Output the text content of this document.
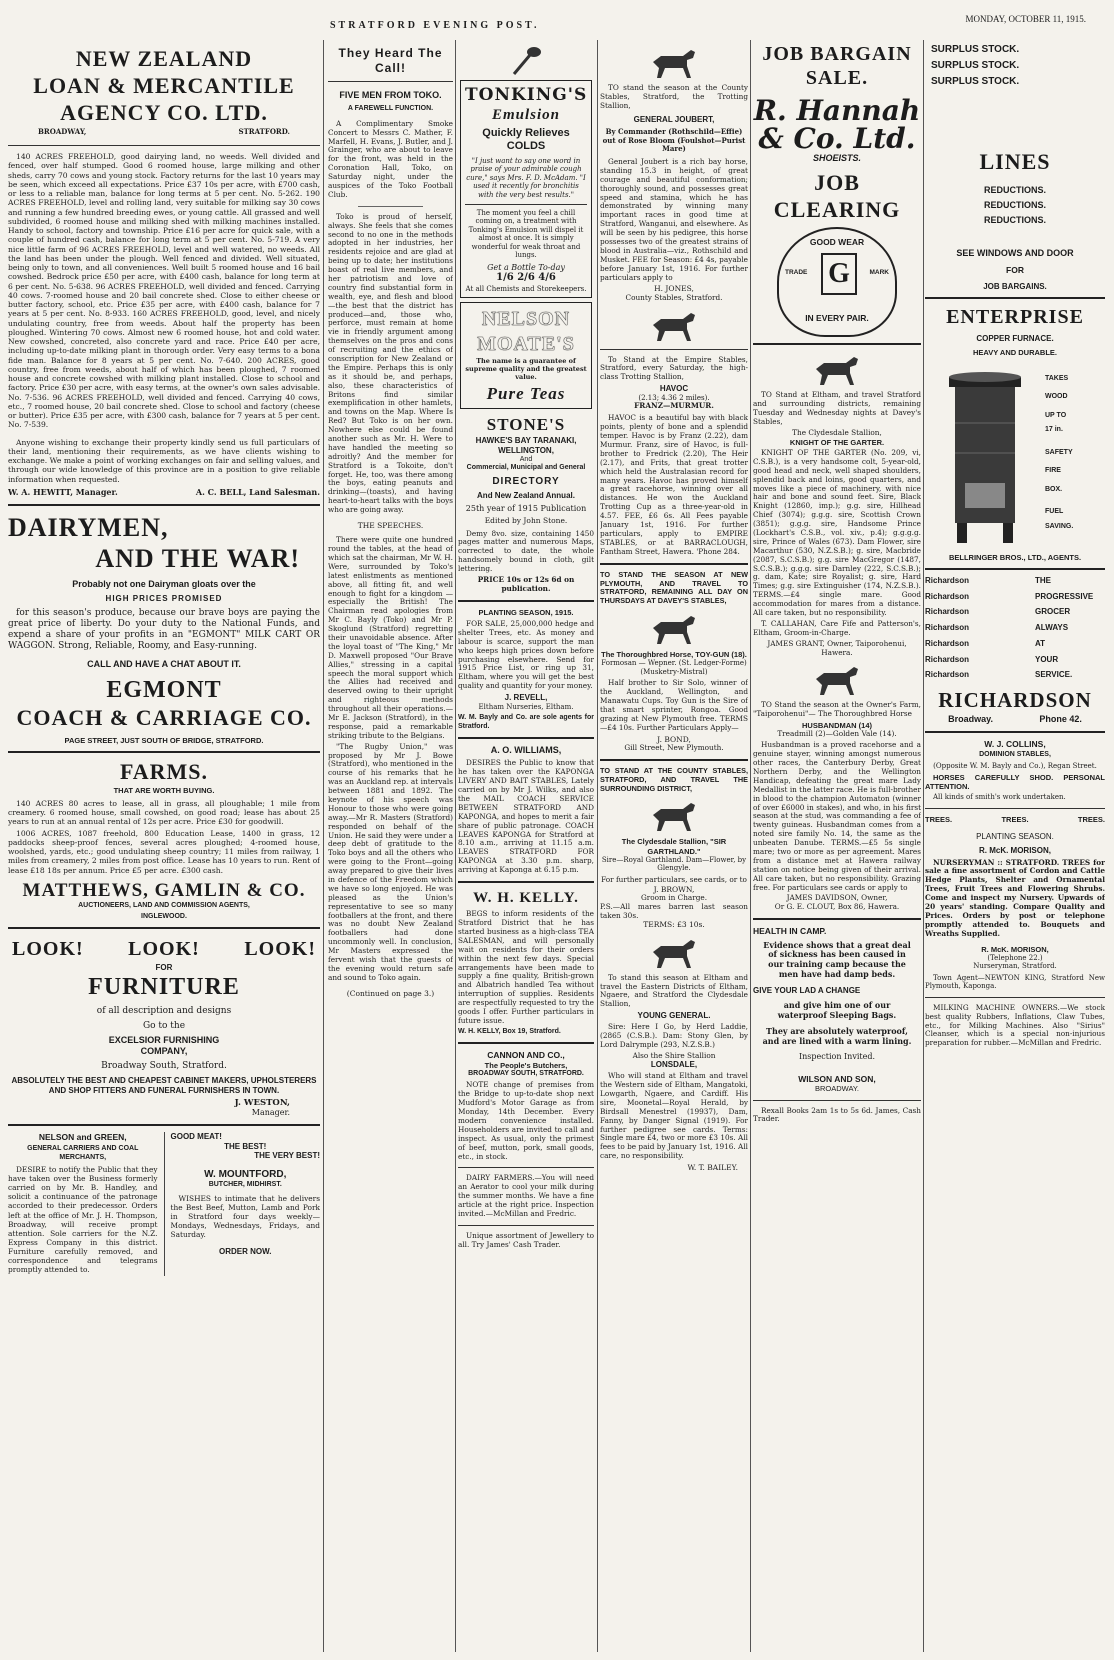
STRATFORD EVENING POST.
MONDAY, OCTOBER 11, 1915.
NEW ZEALAND
LOAN & MERCANTILE
AGENCY CO. LTD.
BROADWAY,	STRATFORD.
140 ACRES FREEHOLD, good dairying land, no weeds. Well divided and fenced, over half stumped. Good 6 roomed house, large milking and other sheds, carry 70 cows and young stock. Factory returns for the last 10 years may be seen, which exceed all expectations. Price £37 10s per acre, with £700 cash, or less to a reliable man, balance for long terms at 5 per cent. No. 5-262. 190 ACRES FREEHOLD, level and rolling land, very suitable for milking say 30 cows and running a few hundred breeding ewes, or young cattle. All grassed and well subdivided, 6 roomed house and milking shed with milking machines installed. Handy to school, factory and township. Price £16 per acre for quick sale, with a couple of hundred cash, balance for long term at 5 per cent. No. 5-719. A very nice little farm of 96 ACRES FREEHOLD, level and well watered, no weeds. All the land has been under the plough. Well fenced and divided. Well situated, being only to town, and all conveniences. Well built 5 roomed house and 16 bail cowshed. Bedrock price £50 per acre, with £400 cash, balance for long term at 6 per cent. No. 5-638. 96 ACRES FREEHOLD, well divided and fenced. Carrying 40 cows. 7-roomed house and 20 bail concrete shed. Close to either cheese or butter factory, school, etc. Price £35 per acre, with £400 cash, balance for 7 years at 5 per cent. No. 8-933. 160 ACRES FREEHOLD, good, level, and nicely undulating country, free from weeds. About half the property has been ploughed. Wintering 70 cows. Almost new 6 roomed house, hot and cold water. New cowshed, concreted, also concrete yard and race. Price £40 per acre, including up-to-date milking plant in thorough order. Very easy terms to a bona fide man. Balance for 8 years at 5 per cent. No. 7-640. 200 ACRES, good country, free from weeds, about half of which has been ploughed, 7 roomed house and concrete cowshed with milking plant installed. Close to school and factory. Price £30 per acre, with easy terms, at the owner's own sales advisable. No. 7-536. 96 ACRES FREEHOLD, well divided and fenced. Carrying 40 cows, etc., 7 roomed house, 20 bail concrete shed. Close to school and factory (cheese or butter). Price £35 per acre, with £300 cash, balance for 7 years at 5 per cent. No. 7-539.
Anyone wishing to exchange their property kindly send us full particulars of their land, mentioning their requirements, as we have clients wishing to exchange. We make a point of working exchanges on fair and selling values, and through our wide knowledge of this province are in a position to give reliable information when requested.
W. A. HEWITT, Manager.	A. C. BELL, Land Salesman.
DAIRYMEN,
AND THE WAR!
Probably not one Dairyman gloats over the
HIGH PRICES PROMISED
for this season's produce, because our brave boys are paying the great price of liberty. Do your duty to the National Funds, and expend a share of your profits in an "EGMONT" MILK CART OR WAGGON. Strong, Reliable, Roomy, and Easy-running.
CALL AND HAVE A CHAT ABOUT IT.
EGMONT
COACH & CARRIAGE CO.
PAGE STREET, JUST SOUTH OF BRIDGE, STRATFORD.
FARMS.
THAT ARE WORTH BUYING.
140 ACRES 80 acres to lease, all in grass, all ploughable; 1 mile from creamery. 6 roomed house, small cowshed, on good road; lease has about 25 years to run at an annual rental of 12s per acre. Price £30 for goodwill.
1006 ACRES, 1087 freehold, 800 Education Lease, 1400 in grass, 12 paddocks sheep-proof fences, several acres ploughed; 4-roomed house, woolshed, yards, etc.; good undulating sheep country; 11 miles from railway, 1 miles from creamery, 2 miles from post office. Lease has 10 years to run. Rent of lease £18 18s per annum. Price £5 per acre. £300 cash.
MATTHEWS, GAMLIN & CO.
AUCTIONEERS, LAND AND COMMISSION AGENTS,
INGLEWOOD.
LOOK! LOOK! LOOK!
FOR
FURNITURE
of all description and designs
Go to the
EXCELSIOR FURNISHING
COMPANY,
Broadway South, Stratford.
ABSOLUTELY THE BEST AND CHEAPEST CABINET MAKERS, UPHOLSTERERS AND SHOP FITTERS AND FUNERAL FURNISHERS IN TOWN.
J. WESTON,
Manager.
NELSON and GREEN,
GENERAL CARRIERS AND COAL MERCHANTS,
DESIRE to notify the Public that they have taken over the Business formerly carried on by Mr. B. Handley, and solicit a continuance of the patronage accorded to their predecessor. Orders left at the office of Mr. J. H. Thompson, Broadway, will receive prompt attention. Sole carriers for the N.Z. Express Company in this district. Furniture carefully removed, and correspondence and telegrams promptly attended to.
GOOD MEAT!
THE BEST!
THE VERY BEST!
W. MOUNTFORD,
BUTCHER, MIDHIRST.
WISHES to intimate that he delivers the Best Beef, Mutton, Lamb and Pork in Stratford four days weekly—Mondays, Wednesdays, Fridays, and Saturday.
ORDER NOW.
They Heard The Call!
FIVE MEN FROM TOKO.
A FAREWELL FUNCTION.
A Complimentary Smoke Concert to Messrs C. Mather, F. Marfell, H. Evans, J. Butler, and J. Grainger, who are about to leave for the front, was held in the Coronation Hall, Toko, on Saturday night, under the auspices of the Toko Football Club.
Toko is proud of herself, always. She feels that she comes second to no one in the methods adopted in her industries, her residents rejoice and are glad at being up to date; her institutions boast of real live members, and her patriotism and love of country find substantial form in wealth, eye, and flesh and blood—the best that the district has produced—and, those who, perforce, must remain at home vie in friendly argument among themselves on the pros and cons of recruiting and the ethics of conscription for New Zealand or the Empire. Perhaps this is only as it should be, and perhaps, also, these characteristics of Britons find similar exemplification in other hamlets, and towns on the Map. Where Is Red? But Toko is on her own. Nowhere else could be found another such as Mr. H. Were to have handled the meeting so adroitly? And the member for Stratford is a Tokoite, don't forget. He, too, was there among the boys, eating peanuts and drinking—(toasts), and having heart-to-heart talks with the boys who are going away.
THE SPEECHES.
There were quite one hundred round the tables, at the head of which sat the chairman, Mr W. H. Were, surrounded by Toko's latest enlistments as mentioned above, all fitting fit, and well enough to fight for a kingdom —especially the British! The Chairman read apologies from Mr C. Bayly (Toko) and Mr P. Skoglund (Stratford) regretting their unavoidable absence. After the loyal toast of "The King," Mr D. Maxwell proposed "Our Brave Allies," stressing in a capital speech the moral support which the Allies had received and deserved owing to their upright and righteous methods throughout all their operations.—Mr E. Jackson (Stratford), in the response, paid a remarkable striking tribute to the Belgians.
"The Rugby Union," was proposed by Mr J. Bowe (Stratford), who mentioned in the course of his remarks that he was an Auckland rep. at intervals between 1881 and 1892. The keynote of his speech was Honour to those who were going away.—Mr R. Masters (Stratford) responded on behalf of the Union. He said they were under a deep debt of gratitude to the Toko boys and all the others who were going to the Front—going away prepared to give their lives in defence of the Freedom which we have so long enjoyed. He was pleased as the Union's representative to see so many footballers at the front, and there was no doubt New Zealand footballers had done uncommonly well. In conclusion, Mr Masters expressed the fervent wish that the guests of the evening would return safe and sound to Toko again.
(Continued on page 3.)
TONKING'S
Emulsion
Quickly Relieves COLDS
"I just want to say one word in praise of your admirable cough cure," says Mrs. F. D. McAdam. "I used it recently for bronchitis with the very best results."
The moment you feel a chill coming on, a treatment with Tonking's Emulsion will dispel it almost at once. It is simply wonderful for weak throat and lungs.
Get a Bottle To-day
1/6 2/6 4/6
At all Chemists and Storekeepers.
NELSON MOATE'S
The name is a guarantee of supreme quality and the greatest value.
Pure Teas
STONE'S
HAWKE'S BAY TARANAKI, WELLINGTON,
And
Commercial, Municipal and General
DIRECTORY
And New Zealand Annual.
25th year of 1915 Publication
Edited by John Stone.
Demy 8vo. size, containing 1450 pages matter and numerous Maps, corrected to date, the whole handsomely bound in cloth, gilt lettering.
PRICE 10s or 12s 6d on publication.
PLANTING SEASON, 1915.
FOR SALE, 25,000,000 hedge and shelter Trees, etc. As money and labour is scarce, support the man who keeps high prices down before purchasing elsewhere. Send for 1915 Price List, or ring up 31, Eltham, where you will get the best quality and quantity for your money.
J. REVELL,
Eltham Nurseries, Eltham.
W. M. Bayly and Co. are sole agents for Stratford.
A. O. WILLIAMS,
DESIRES the Public to know that he has taken over the KAPONGA LIVERY AND BAIT STABLES, Lately carried on by Mr J. Wilks, and also the MAIL COACH SERVICE BETWEEN STRATFORD AND KAPONGA, and hopes to merit a fair share of public patronage. COACH LEAVES KAPONGA for Stratford at 8.10 a.m., arriving at 11.15 a.m. LEAVES STRATFORD FOR KAPONGA at 3.30 p.m. sharp, arriving at Kaponga at 6.15 p.m.
W. H. KELLY.
BEGS to inform residents of the Stratford District that he has started business as a high-class TEA SALESMAN, and will personally wait on residents for their orders within the next few days. Special arrangements have been made to supply a fine quality, British-grown and Albatrich handled Tea without interruption of supplies. Residents are respectfully requested to try the goods I offer. Further particulars in future issue.
W. H. KELLY, Box 19, Stratford.
CANNON AND CO.,
The People's Butchers,
BROADWAY SOUTH, STRATFORD.
NOTE change of premises from the Bridge to up-to-date shop next Mudford's Motor Garage as from Monday, 14th December. Every modern convenience installed. Householders are invited to call and inspect. As usual, only the primest of beef, mutton, pork, small goods, etc., in stock.
DAIRY FARMERS.—You will need an Aerator to cool your milk during the summer months. We have a fine article at the right price. Inspection invited.—McMillan and Fredric.
Unique assortment of Jewellery to all. Try James' Cash Trader.
TO stand the season at the County Stables, Stratford, the Trotting Stallion,
GENERAL JOUBERT,
By Commander (Rothschild—Effie) out of Rose Bloom (Foulshot—Purist Mare)
General Joubert is a rich bay horse, standing 15.3 in height, of great courage and beautiful conformation; thoroughly sound, and possesses great speed and stamina, which he has demonstrated by winning many important races in good time at Stratford, Wanganui, and elsewhere. As will be seen by his pedigree, this horse possesses two of the greatest strains of blood in Australia—viz., Rothschild and Musket. FEE for Season: £4 4s, payable before January 1st, 1916. For further particulars apply to
H. JONES,
County Stables, Stratford.
To Stand at the Empire Stables, Stratford, every Saturday, the high-class Trotting Stallion,
HAVOC
(2.13; 4.36 2 miles).
FRANZ—MURMUR.
HAVOC is a beautiful bay with black points, plenty of bone and a splendid temper. Havoc is by Franz (2.22), dam Murmur. Franz, sire of Havoc, is full-brother to Fredrick (2.20), The Heir (2.17), and Frits, that great trotter which held the Australasian record for many years. Havoc has proved himself a great racehorse, winning over all distances. He won the Auckland Trotting Cup as a three-year-old in 4.57. FEE, £6 6s. All Fees payable January 1st, 1916. For further particulars, apply to EMPIRE STABLES, or at BARRACLOUGH, Fantham Street, Hawera. 'Phone 284.
TO STAND THE SEASON AT NEW PLYMOUTH, AND TRAVEL TO STRATFORD, REMAINING ALL DAY ON THURSDAYS AT DAVEY'S STABLES,
The Thoroughbred Horse, TOY-GUN (18).
Formosan — Wepner. (St. Ledger-Forme) (Musketry-Mistral)
Half brother to Sir Solo, winner of the Auckland, Wellington, and Manawatu Cups. Toy Gun is the Sire of that smart sprinter, Rongoa. Good grazing at New Plymouth free. TERMS—£4 10s. Further Particulars Apply—
J. BOND,
Gill Street, New Plymouth.
TO STAND AT THE COUNTY STABLES, STRATFORD, AND TRAVEL THE SURROUNDING DISTRICT,
The Clydesdale Stallion, "SIR GARTHLAND."
Sire—Royal Garthland. Dam—Flower, by Glengyle.
For further particulars, see cards, or to
J. BROWN,
Groom in Charge.
P.S.—All mares barren last season taken 30s.
TERMS: £3 10s.
To stand this season at Eltham and travel the Eastern Districts of Eltham, Ngaere, and Stratford the Clydesdale Stallion,
YOUNG GENERAL.
Sire: Here I Go, by Herd Laddie, (2865 (C.S.B.). Dam: Stony Glen, by Lord Dalrymple (293, N.Z.S.B.)
Also the Shire Stallion
LONSDALE,
Who will stand at Eltham and travel the Western side of Eltham, Mangatoki, Lowgarth, Ngaere, and Cardiff. His sire, Moonetal—Royal Herald, by Birdsall Menestrel (19937), Dam, Fanny, by Danger Signal (1919). For further pedigree see cards. Terms: Single mare £4, two or more £3 10s. All fees to be paid by January 1st, 1916. All care, no responsibility.
W. T. BAILEY.
JOB BARGAIN
SALE.
R. Hannah & Co. Ltd.
SHOEISTS.
JOB
CLEARING
GOOD WEAR
G
TRADE	MARK
IN EVERY PAIR.
TO Stand at Eltham, and travel Stratford and surrounding districts, remaining Tuesday and Wednesday nights at Davey's Stables,
The Clydesdale Stallion,
KNIGHT OF THE GARTER.
KNIGHT OF THE GARTER (No. 209, vi, C.S.B.), is a very handsome colt, 5-year-old, good head and neck, well shaped shoulders, splendid back and loins, good quarters, and moves like a piece of machinery, with nice hair and bone and sound feet. Sire, Black Knight (12860, imp.); g.g. sire, Hillhead Chief (3074); g.g.g. sire, Scottish Crown (3851); g.g.g. sire, Handsome Prince (Lockhart's C.S.B., vol. xiv., p.4); g.g.g.g. sire, Prince of Wales (673). Dam Flower, sire Macarthur (530, N.Z.S.B.); g. sire, Macbride (2087, S.C.S.B.); g.g. sire MacGregor (1487, S.C.S.B.); g.g.g. sire Darnley (222, S.C.S.B.); g. dam, Kate; sire Royalist; g. sire, Hard Times; g.g. sire Extinguisher (174, N.Z.S.B.). TERMS.—£4 single mare. Good accommodation for mares from a distance. All care taken, but no responsibility.
T. CALLAHAN, Care Fife and Patterson's, Eltham, Groom-in-Charge.
JAMES GRANT, Owner, Taiporohenui, Hawera.
TO Stand the season at the Owner's Farm, "Taiporohenui"— The Thoroughbred Horse
HUSBANDMAN (14)
Treadmill (2)—Golden Vale (14).
Husbandman is a proved racehorse and a genuine stayer, winning amongst numerous other races, the Canterbury Derby, Great Northern Derby, and the Wellington Handicap, defeating the great mare Lady Medallist in the latter race. He is full-brother in blood to the champion Automaton (winner of over £6000 in stakes), and who, in his first season at the stud, was commanding a fee of twenty guineas. Husbandman comes from a noted sire family No. 14, the same as the unbeaten Danube. TERMS.—£5 5s single mare; two or more as per agreement. Mares from a distance met at Hawera railway station on notice being given of their arrival. All care taken, but no responsibility. Grazing free. For particulars see cards or apply to
JAMES DAVIDSON, Owner,
Or G. E. CLOUT, Box 86, Hawera.
HEALTH IN CAMP.
Evidence shows that a great deal of sickness has been caused in our training camp because the men have had damp beds.
GIVE YOUR LAD A CHANGE
and give him one of our waterproof Sleeping Bags.
They are absolutely waterproof, and are lined with a warm lining.
Inspection Invited.
WILSON AND SON,
BROADWAY.
Rexall Books 2am 1s to 5s 6d. James, Cash Trader.
SURPLUS STOCK.
SURPLUS STOCK.
SURPLUS STOCK.
LINES
REDUCTIONS.
REDUCTIONS.
REDUCTIONS.
SEE WINDOWS AND DOOR
FOR
JOB BARGAINS.
ENTERPRISE
COPPER FURNACE.
HEAVY AND DURABLE.
TAKES
WOOD
UP TO
17 in.
SAFETY
FIRE
BOX.
FUEL
SAVING.
BELLRINGER BROS., LTD., AGENTS.
Richardson	THE
Richardson	PROGRESSIVE
Richardson	GROCER
Richardson	ALWAYS
Richardson	AT
Richardson	YOUR
Richardson	SERVICE.
RICHARDSON
Broadway.	Phone 42.
W. J. COLLINS,
DOMINION STABLES,
(Opposite W. M. Bayly and Co.), Regan Street.
HORSES CAREFULLY SHOD. PERSONAL ATTENTION.
All kinds of smith's work undertaken.
TREES.	TREES.	TREES.
PLANTING SEASON.
R. McK. MORISON,
NURSERYMAN :: STRATFORD. TREES for sale a fine assortment of Cordon and Cattle Hedge Plants, Shelter and Ornamental Trees, Fruit Trees and Flowering Shrubs. Come and inspect my Nursery. Upwards of 20 years' standing. Compare Quality and Prices. Orders by post or telephone promptly attended to. Bouquets and Wreaths Supplied.
R. McK. MORISON,
(Telephone 22.)
Nurseryman, Stratford.
Town Agent—NEWTON KING, Stratford New Plymouth, Kaponga.
MILKING MACHINE OWNERS.—We stock best quality Rubbers, Inflations, Claw Tubes, etc., for Milking Machines. Also "Sirius" Cleanser, which is a special non-injurious preparation for rubber.—McMillan and Fredric.
